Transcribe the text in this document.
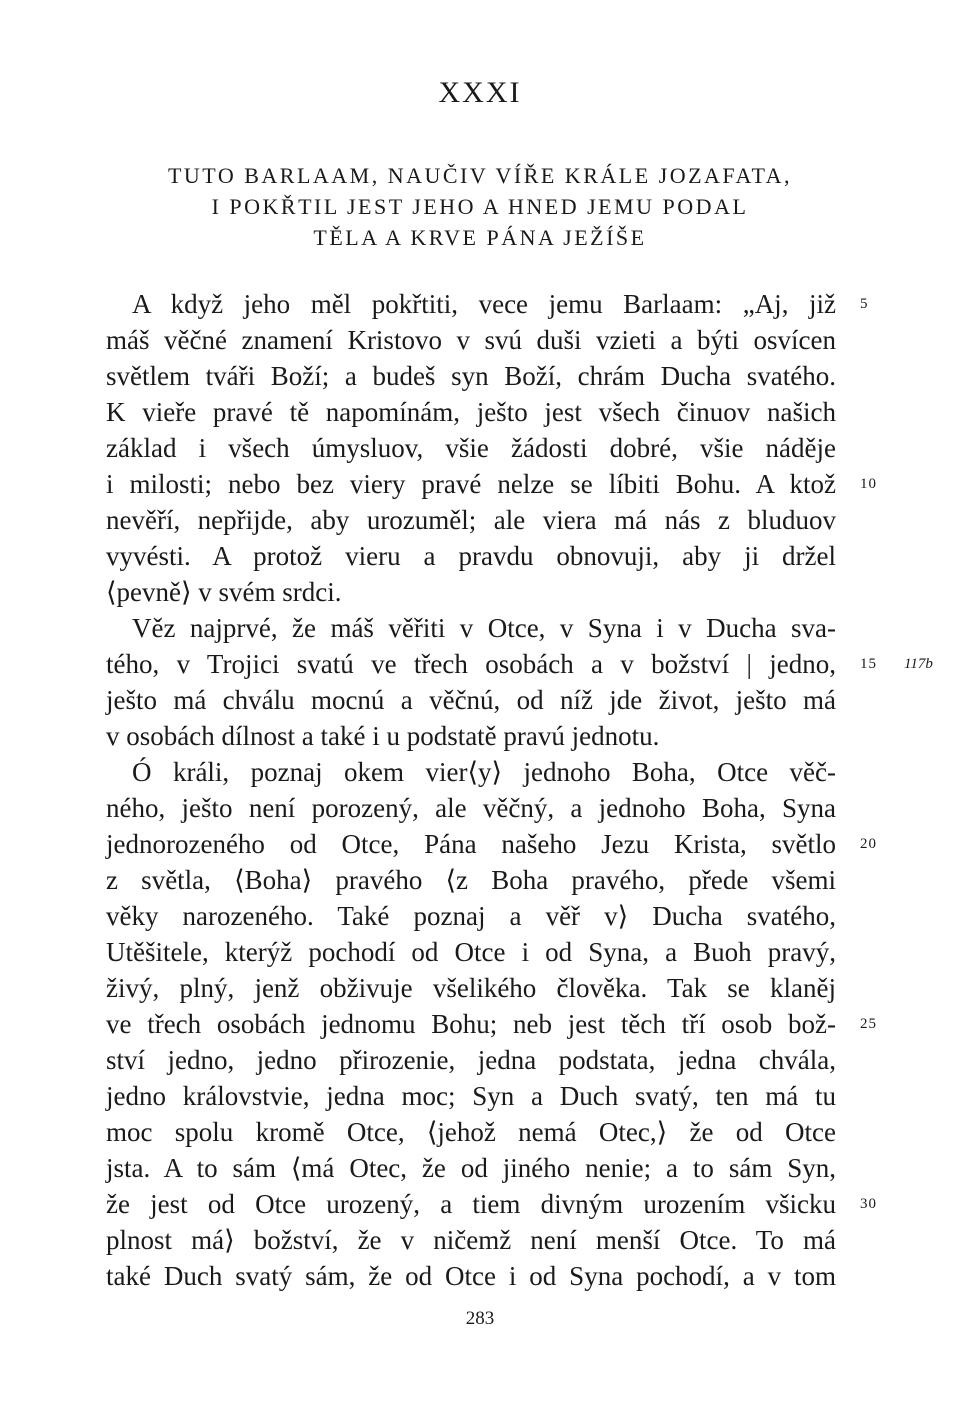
XXXI
TUTO BARLAAM, NAUČIV VÍŘE KRÁLE JOZAFATA,
I POKŘTIL JEST JEHO A HNED JEMU PODAL
TĚLA A KRVE PÁNA JEŽÍŠE
A když jeho měl pokřtiti, vece jemu Barlaam: „Aj, již
máš věčné znamení Kristovo v svú duši vzieti a býti osvícen
světlem tváři Boží; a budeš syn Boží, chrám Ducha svatého.
K vieře pravé tě napomínám, ješto jest všech činuov našich
základ i všech úmysluov, všie žádosti dobré, všie náděje
i milosti; nebo bez viery pravé nelze se líbiti Bohu. A ktož
nevěří, nepřijde, aby urozuměl; ale viera má nás z bluduov
vyvésti. A protož vieru a pravdu obnovuji, aby ji držel
⟨pevně⟩ v svém srdci.
Věz najprvé, že máš věřiti v Otce, v Syna i v Ducha sva-
tého, v Trojici svatú ve třech osobách a v božství | jedno,
ješto má chválu mocnú a věčnú, od níž jde život, ješto má
v osobách dílnost a také i u podstatě pravú jednotu.
Ó králi, poznaj okem vier⟨y⟩ jednoho Boha, Otce věč-
ného, ješto není porozený, ale věčný, a jednoho Boha, Syna
jednorozeného od Otce, Pána našeho Jezu Krista, světlo
z světla, ⟨Boha⟩ pravého ⟨z Boha pravého, přede všemi
věky narozeného. Také poznaj a věř v⟩ Ducha svatého,
Utěšitele, kterýž pochodí od Otce i od Syna, a Buoh pravý,
živý, plný, jenž obživuje všelikého člověka. Tak se klaněj
ve třech osobách jednomu Bohu; neb jest těch tří osob bož-
ství jedno, jedno přirozenie, jedna podstata, jedna chvála,
jedno královstvie, jedna moc; Syn a Duch svatý, ten má tu
moc spolu kromě Otce, ⟨jehož nemá Otec,⟩ že od Otce
jsta. A to sám ⟨má Otec, že od jiného nenie; a to sám Syn,
že jest od Otce urozený, a tiem divným urozením všicku
plnost má⟩ božství, že v ničemž není menší Otce. To má
také Duch svatý sám, že od Otce i od Syna pochodí, a v tom
5
10
15
20
25
30
117b
283
